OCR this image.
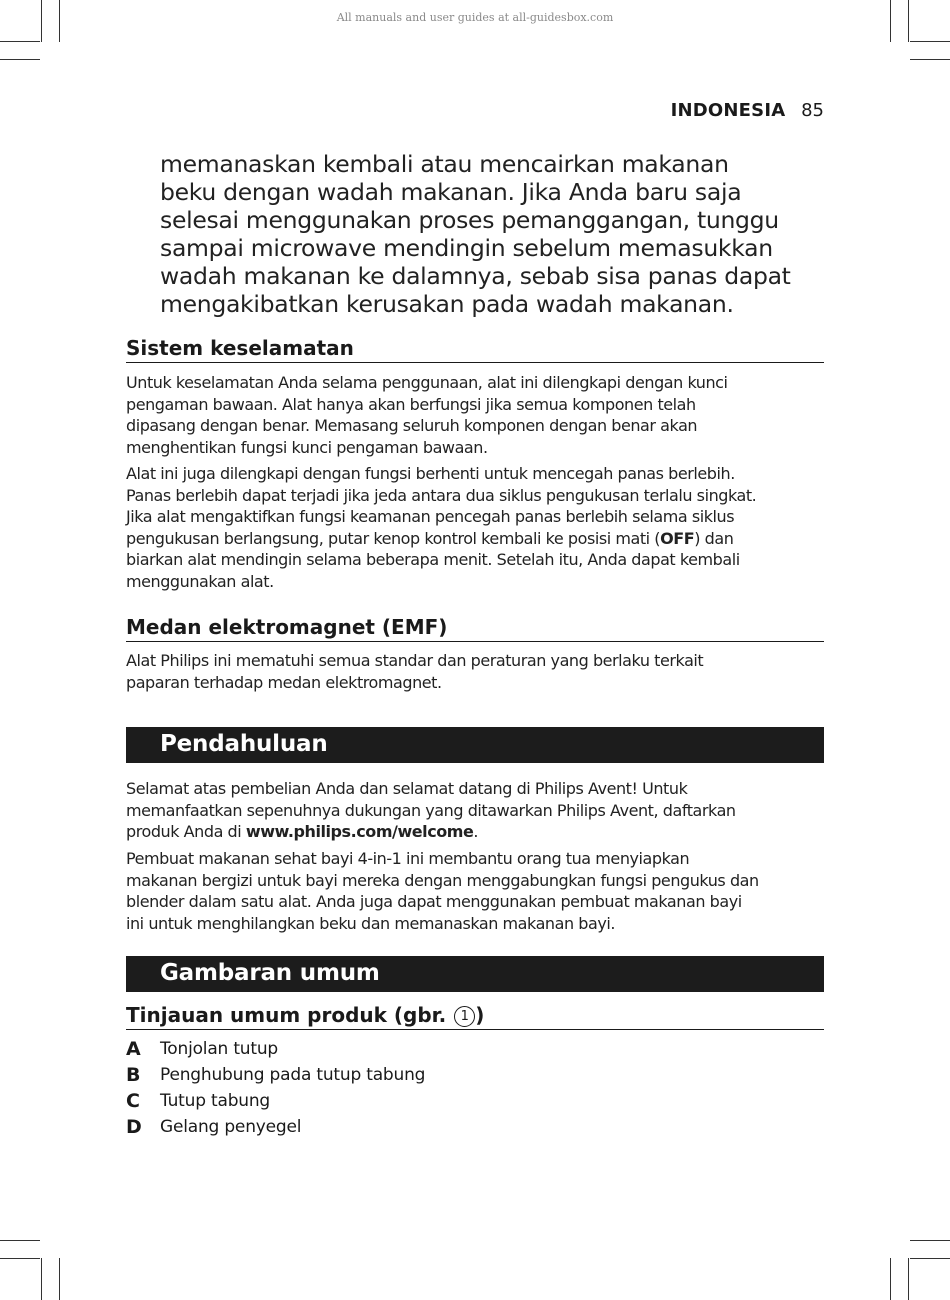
All manuals and user guides at all-guidesbox.com
INDONESIA 85
memanaskan kembali atau mencairkan makanan
beku dengan wadah makanan. Jika Anda baru saja
selesai menggunakan proses pemanggangan, tunggu
sampai microwave mendingin sebelum memasukkan
wadah makanan ke dalamnya, sebab sisa panas dapat
mengakibatkan kerusakan pada wadah makanan.
Sistem keselamatan
Untuk keselamatan Anda selama penggunaan, alat ini dilengkapi dengan kunci
pengaman bawaan. Alat hanya akan berfungsi jika semua komponen telah
dipasang dengan benar. Memasang seluruh komponen dengan benar akan
menghentikan fungsi kunci pengaman bawaan.
Alat ini juga dilengkapi dengan fungsi berhenti untuk mencegah panas berlebih.
Panas berlebih dapat terjadi jika jeda antara dua siklus pengukusan terlalu singkat.
Jika alat mengaktifkan fungsi keamanan pencegah panas berlebih selama siklus
pengukusan berlangsung, putar kenop kontrol kembali ke posisi mati (OFF) dan
biarkan alat mendingin selama beberapa menit. Setelah itu, Anda dapat kembali
menggunakan alat.
Medan elektromagnet (EMF)
Alat Philips ini mematuhi semua standar dan peraturan yang berlaku terkait
paparan terhadap medan elektromagnet.
Pendahuluan
Selamat atas pembelian Anda dan selamat datang di Philips Avent! Untuk
memanfaatkan sepenuhnya dukungan yang ditawarkan Philips Avent, daftarkan
produk Anda di www.philips.com/welcome.
Pembuat makanan sehat bayi 4-in-1 ini membantu orang tua menyiapkan
makanan bergizi untuk bayi mereka dengan menggabungkan fungsi pengukus dan
blender dalam satu alat. Anda juga dapat menggunakan pembuat makanan bayi
ini untuk menghilangkan beku dan memanaskan makanan bayi.
Gambaran umum
Tinjauan umum produk (gbr. 1 )
A Tonjolan tutup
B Penghubung pada tutup tabung
C Tutup tabung
D Gelang penyegel
